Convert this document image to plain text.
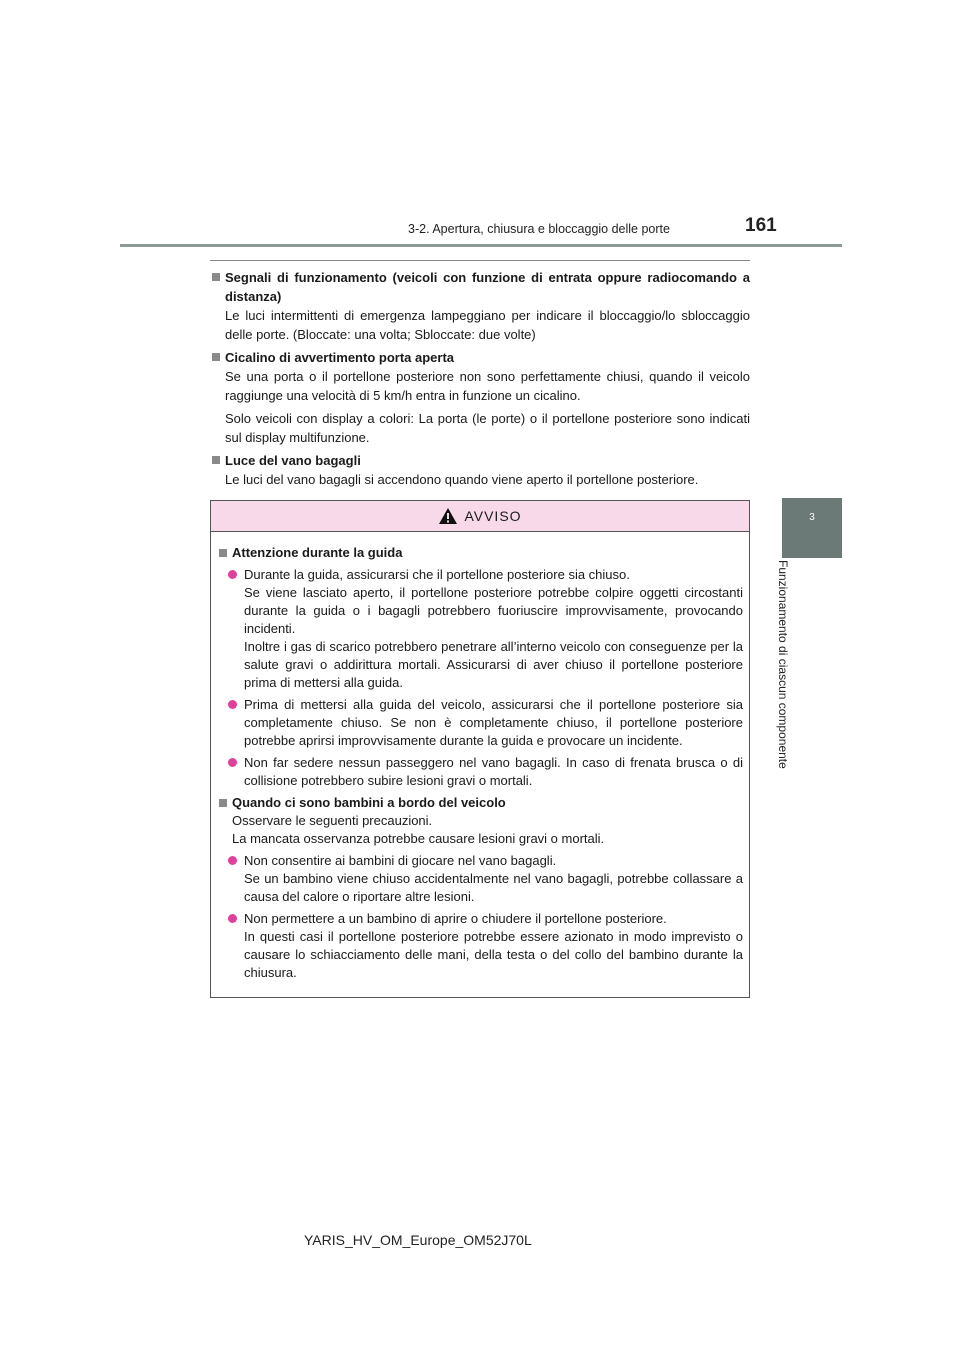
3-2. Apertura, chiusura e bloccaggio delle porte	161
3
Funzionamento di ciascun componente
Segnali di funzionamento (veicoli con funzione di entrata oppure radiocomando a distanza)

Le luci intermittenti di emergenza lampeggiano per indicare il bloccaggio/lo sbloccaggio delle porte. (Bloccate: una volta; Sbloccate: due volte)

Cicalino di avvertimento porta aperta

Se una porta o il portellone posteriore non sono perfettamente chiusi, quando il veicolo raggiunge una velocità di 5 km/h entra in funzione un cicalino.

Solo veicoli con display a colori: La porta (le porte) o il portellone posteriore sono indicati sul display multifunzione.

Luce del vano bagagli

Le luci del vano bagagli si accendono quando viene aperto il portellone posteriore.

AVVISO
Attenzione durante la guida
Durante la guida, assicurarsi che il portellone posteriore sia chiuso.
Se viene lasciato aperto, il portellone posteriore potrebbe colpire oggetti circostanti durante la guida o i bagagli potrebbero fuoriuscire improvvisamente, provocando incidenti.
Inoltre i gas di scarico potrebbero penetrare all’interno veicolo con conseguenze per la salute gravi o addirittura mortali. Assicurarsi di aver chiuso il portellone posteriore prima di mettersi alla guida.
Prima di mettersi alla guida del veicolo, assicurarsi che il portellone posteriore sia completamente chiuso. Se non è completamente chiuso, il portellone posteriore potrebbe aprirsi improvvisamente durante la guida e provocare un incidente.
Non far sedere nessun passeggero nel vano bagagli. In caso di frenata brusca o di collisione potrebbero subire lesioni gravi o mortali.
Quando ci sono bambini a bordo del veicolo
Osservare le seguenti precauzioni.
La mancata osservanza potrebbe causare lesioni gravi o mortali.
Non consentire ai bambini di giocare nel vano bagagli.
Se un bambino viene chiuso accidentalmente nel vano bagagli, potrebbe collassare a causa del calore o riportare altre lesioni.
Non permettere a un bambino di aprire o chiudere il portellone posteriore.
In questi casi il portellone posteriore potrebbe essere azionato in modo imprevisto o causare lo schiacciamento delle mani, della testa o del collo del bambino durante la chiusura.
YARIS_HV_OM_Europe_OM52J70L
